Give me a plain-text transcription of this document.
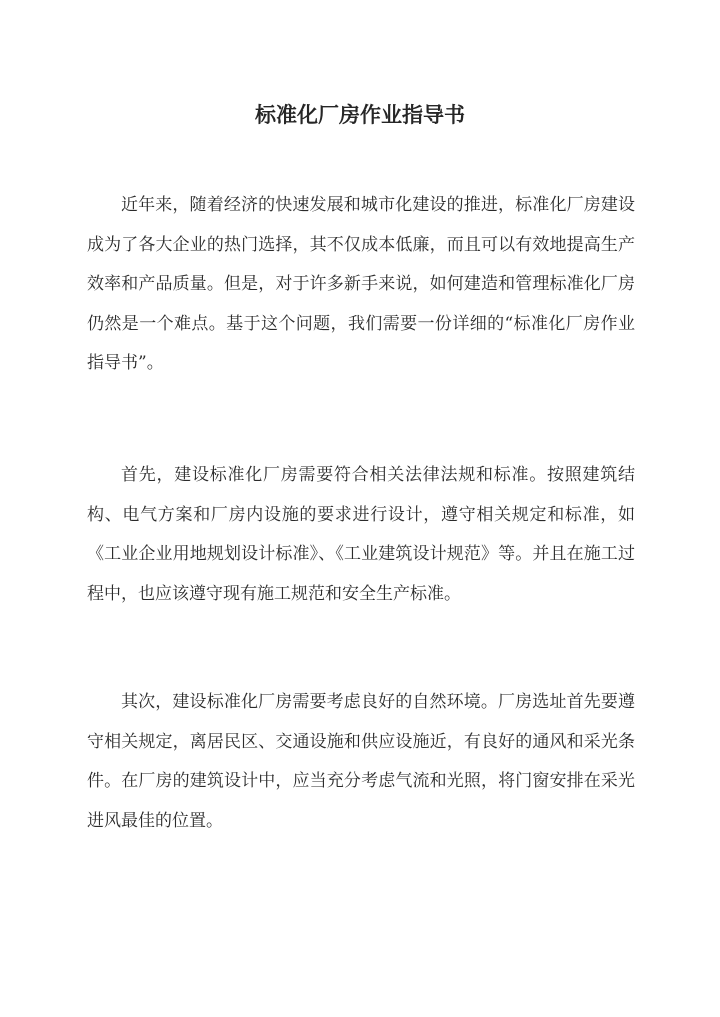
标准化厂房作业指导书

近年来，随着经济的快速发展和城市化建设的推进，标准化厂房建设成为了各大企业的热门选择，其不仅成本低廉，而且可以有效地提高生产效率和产品质量。但是，对于许多新手来说，如何建造和管理标准化厂房仍然是一个难点。基于这个问题，我们需要一份详细的“标准化厂房作业指导书”。

首先，建设标准化厂房需要符合相关法律法规和标准。按照建筑结构、电气方案和厂房内设施的要求进行设计，遵守相关规定和标准，如《工业企业用地规划设计标准》、《工业建筑设计规范》等。并且在施工过程中，也应该遵守现有施工规范和安全生产标准。

其次，建设标准化厂房需要考虑良好的自然环境。厂房选址首先要遵守相关规定，离居民区、交通设施和供应设施近，有良好的通风和采光条件。在厂房的建筑设计中，应当充分考虑气流和光照，将门窗安排在采光进风最佳的位置。
